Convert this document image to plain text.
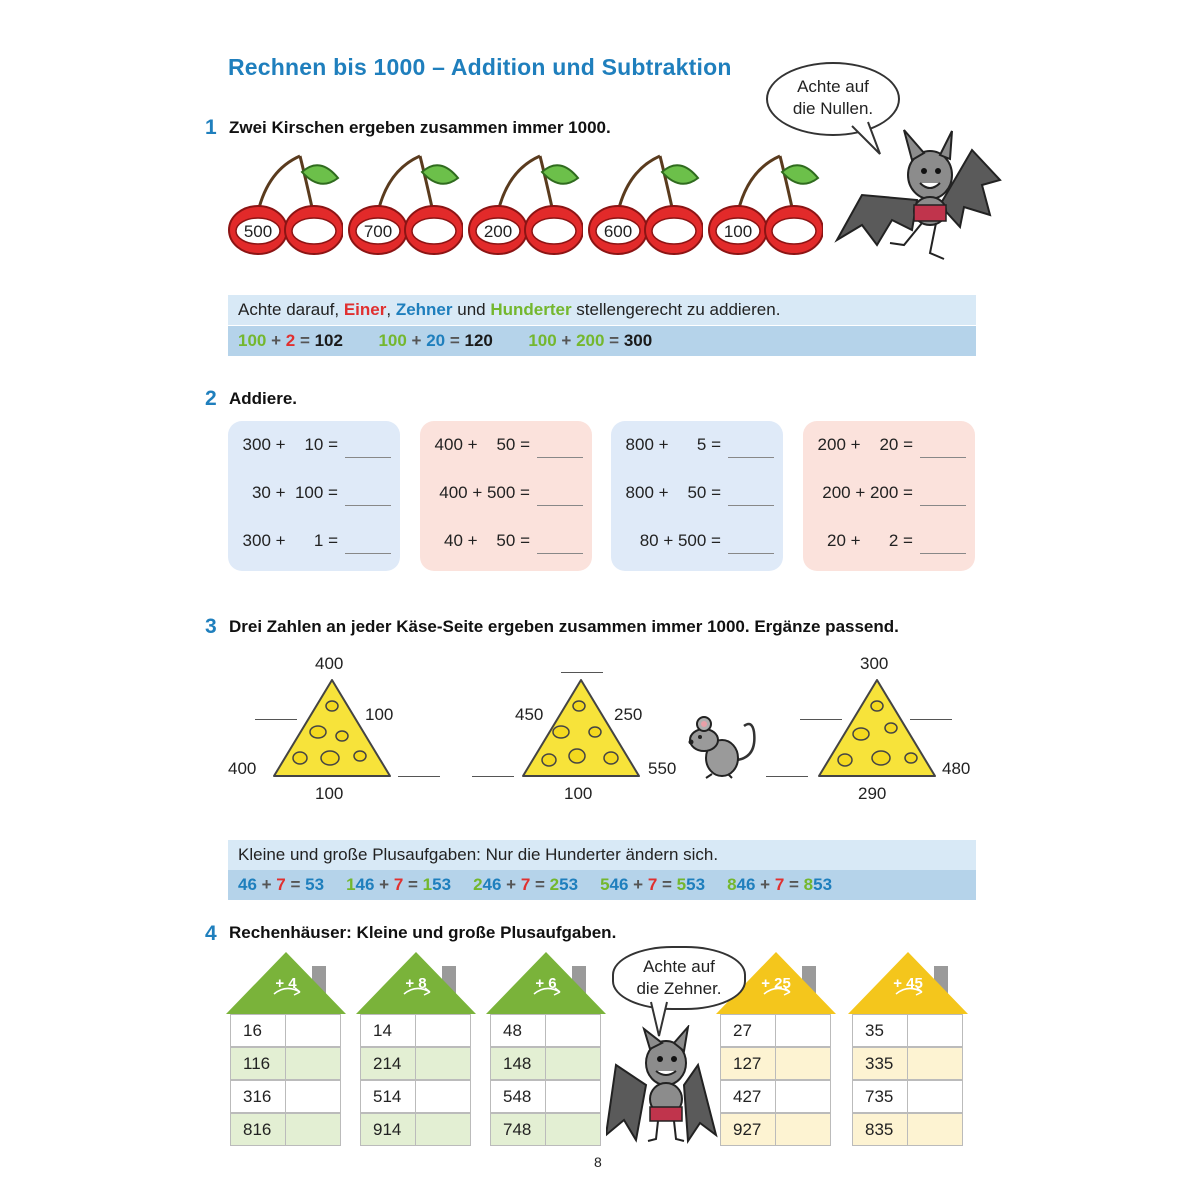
Rechnen bis 1000 – Addition und Subtraktion
Achte auf
die Nullen.
1 Zwei Kirschen ergeben zusammen immer 1000.
500	700	200	600	100
Achte darauf, Einer, Zehner und Hunderter stellengerecht zu addieren.
100 + 2 = 102 100 + 20 = 120 100 + 200 = 300
2 Addiere.
300 +    10 =
30 +  100 =
300 +      1 =
400 +    50 =
400 + 500 =
40 +    50 =
800 +      5 =
800 +    50 =
80 + 500 =
200 +    20 =
200 + 200 =
20 +      2 =
3 Drei Zahlen an jeder Käse-Seite ergeben zusammen immer 1000. Ergänze passend.
400
100
400
100
450	250
550
100
300
480
290
Kleine und große Plusaufgaben: Nur die Hunderter ändern sich.
46 + 7 = 53 146 + 7 = 153 246 + 7 = 253 546 + 7 = 553 846 + 7 = 853
4 Rechenhäuser: Kleine und große Plusaufgaben.
+ 4
16
116
316
816
+ 8
14
214
514
914
+ 6
48
148
548
748
+ 25
27
127
427
927
+ 45
35
335
735
835
Achte auf
die Zehner.
8
